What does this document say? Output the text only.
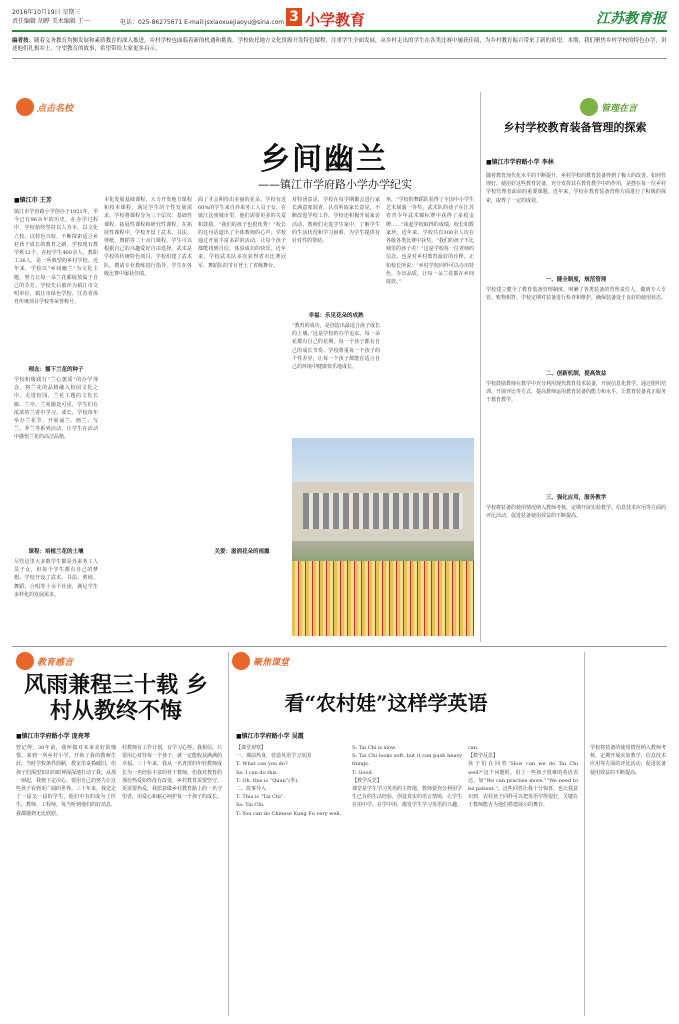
2016年10月19日 星期三
责任编辑 胡晔 美术编辑 王一	电话：025-86275671 E-mail:jsxiaoxuejiaoyu@sina.com 3 小学教育	江苏教育报
编者按：随着义务教育均衡发展和素质教育的深入推进，乡村学校也面临着新的机遇和挑战。学校依托地方文化资源开发特色课程，注重学生全面发展，从乡村走出的学生在各类比赛中屡获佳绩，为乡村教育振兴带来了新的希望。本期，我们聚焦乡村学校的特色办学，讲述他们扎根乡土、守望教育的故事，希望带给大家更多启示。
点击名校
■镇江市 王芳
镇江市学府路小学创办于1921年，至今已有96余年的历史。在办学过程中，学校始终坚持以人为本，以文化立校，以特色兴校，不断探索适合乡村孩子成长的教育之路。学校现有教学班12个，在校学生400余人，教职工36人，是一所典型的乡村学校。近年来，学校以“乡间幽兰”为文化主题，努力让每一朵兰花都绽放属于自己的芬芳。学校先后被评为镇江市文明单位、镇江市绿色学校、江苏省体育传统项目学校等荣誉称号。
理念：播下兰花的种子
学校积极践行“兰心蕙质”的办学理念，将兰花的品格融入校园文化之中。走进校园，兰花主题的文化长廊、兰亭、兰苑随处可见，学生们在浓浓的兰香中学习、成长。学校每年举办兰花节，开展诵兰、画兰、写兰、养兰等系列活动，让学生在活动中感悟兰花的高洁品格。
课程：培植兰花的土壤
尽管这里大多数学生都是外来务工人员子女，但每个学生都有自己的梦想。学校开设了武术、书法、剪纸、舞蹈、合唱等十余个社团，满足学生多样化的发展需求。
乡间幽兰
——镇江市学府路小学办学纪实
本化发展基础课程，大力开发地方课程和校本课程，满足学生的个性发展需求。学校将课程分为三个层次：基础性课程、拓展性课程和研究性课程。在拓展性课程中，学校开设了武术、书法、剪纸、舞蹈等二十余门课程，学生可以根据自己的兴趣爱好自由选择。武术是学校的传统特色项目，学校组建了武术队，聘请专业教练进行指导，学生在各级比赛中屡获佳绩。
面了才会期待出美丽的花朵。学校有近60%的学生来自外来务工人员子女，在镇江这座城市里，他们需要更多的关爱和鼓励。“我们的孩子也很优秀！”校长的这句话道出了全体教师的心声。学校通过开展丰富多彩的活动，让每个孩子都能找到自信，体验成功的快乐。近年来，学校武术队多次获得省市比赛冠军，舞蹈队的节目登上了省级舞台。
关爱：滋润花朵的雨露
对特团意见，学校在每学期都会进行家长满意度调查，认真听取家长意见，不断改进学校工作。学校还积极开展家访活动，教师们走进学生家中，了解学生的生活状况和学习困难，为学生提供有针对性的帮助。
幸福：乐见花朵的成熟
“教育的成功，是创造出最适合孩子成长的土壤。”这是学校的办学追求。每一朵花都有自己的花期，每一个孩子都有自己的成长节奏。学校尊重每一个孩子的个性差异，让每一个孩子都能在适合自己的环境中健康快乐地成长。
角，“学校的舞蹈队获得了全国中小学生艺术展演一等奖，武术队的孩子在江苏省青少年武术锦标赛中获得了多枚金牌……”谈起学校取得的成绩，校长如数家珍。近年来，学校共有300余人次在各级各类比赛中获奖。“我们的孩子不比城里的孩子差！”这是学校每一位老师的信念，也是对乡村教育最好的诠释。正如校长所说：“乡村学校同样可以办出特色，办出品质，让每一朵兰花都在乡间绽放。”
管理在言
乡村学校教育装备管理的探索
■镇江市学府路小学 李林
随着教育现代化水平的不断提升，乡村学校的教育装备得到了极大的改善。如何管理好、使用好这些教育装备，充分发挥其在教育教学中的作用，是摆在每一位乡村学校管理者面前的重要课题。近年来，学校在教育装备管理方面进行了积极的探索，取得了一定的成效。
一、健全制度，规范管理
学校建立健全了教育装备管理制度，明确了各类装备的管理责任人，做到专人专管、账物相符。学校定期对装备进行检查和维护，确保装备处于良好的使用状态。
二、创新机制，提高效益
学校鼓励教师在教学中充分利用现代教育技术装备，开展信息化教学。通过组织培训、开展评比等方式，提高教师运用教育装备的能力和水平，让教育装备真正服务于教育教学。
三、强化应用，服务教学
学校将装备的使用情况纳入教师考核，定期开展实验教学、信息技术应用等方面的评比活动，促进装备使用效益的不断提高。
教育感言
风雨兼程三十载 乡村从教终不悔
■镇江市学府路小学 庞亮琴
曾记得，30年前，我怀揣对未来美好的憧憬，来到一所乡村小学，开始了我的教师生涯。当时学校条件简陋，教室里桌椅破旧，但孩子们渴望知识的眼神深深地打动了我。从那一刻起，我便下定决心，要用自己的努力让这些孩子看到更广阔的世界。三十年来，我送走了一届又一届的学生，他们中有的成为了医生、教师、工程师，每当听到他们的好消息，我都感到无比欣慰。
村教师有工作计划，有学习心得。我相信，只要用心对待每一个孩子，就一定能收获满满的幸福。三十年来，我从一名青涩的年轻教师成长为一名经验丰富的骨干教师，但我对教育的那份热爱始终没有改变。乡村教育需要坚守，更需要热爱，我愿意做乡村教育路上的一名守望者，用爱心和耐心呵护每一个孩子的成长。
聚焦课堂
看“农村娃”这样学英语
■镇江市学府路小学 吴霞
【课堂观察】
一、课前热身，营造英语学习氛围
T: What can you do?
Ss: I can do this.
T: Oh, this is “Quan”(拳).
二、故事导入
T: This is “Tai Chi”.
Ss: Tai Chi.
T: You can do Chinese Kung Fu very well.
S: Tai Chi is slow.
S: Tai Chi looks soft, but it can push heavy things.
T: Good.
【教学反思】
课堂是学生学习英语的主阵地，教师要充分利用学生已有的生活经验，创设真实的语言情境，让学生在用中学、在学中用，激发学生学习英语的兴趣。
can.
【教学反思】
孩子们在回答“How can we do Tai Chi well?”这个问题时，用了一些孩子很难的英语表达，如“We can practise more.”“We need to be patient.”。这些回答让我十分惊喜，也让我意识到，农村孩子同样可以把英语学得很好，关键在于教师能否为他们搭建展示的舞台。
学校将装备的使用情况纳入教师考核，定期开展实验教学、信息技术应用等方面的评比活动，促进装备使用效益的不断提高。
